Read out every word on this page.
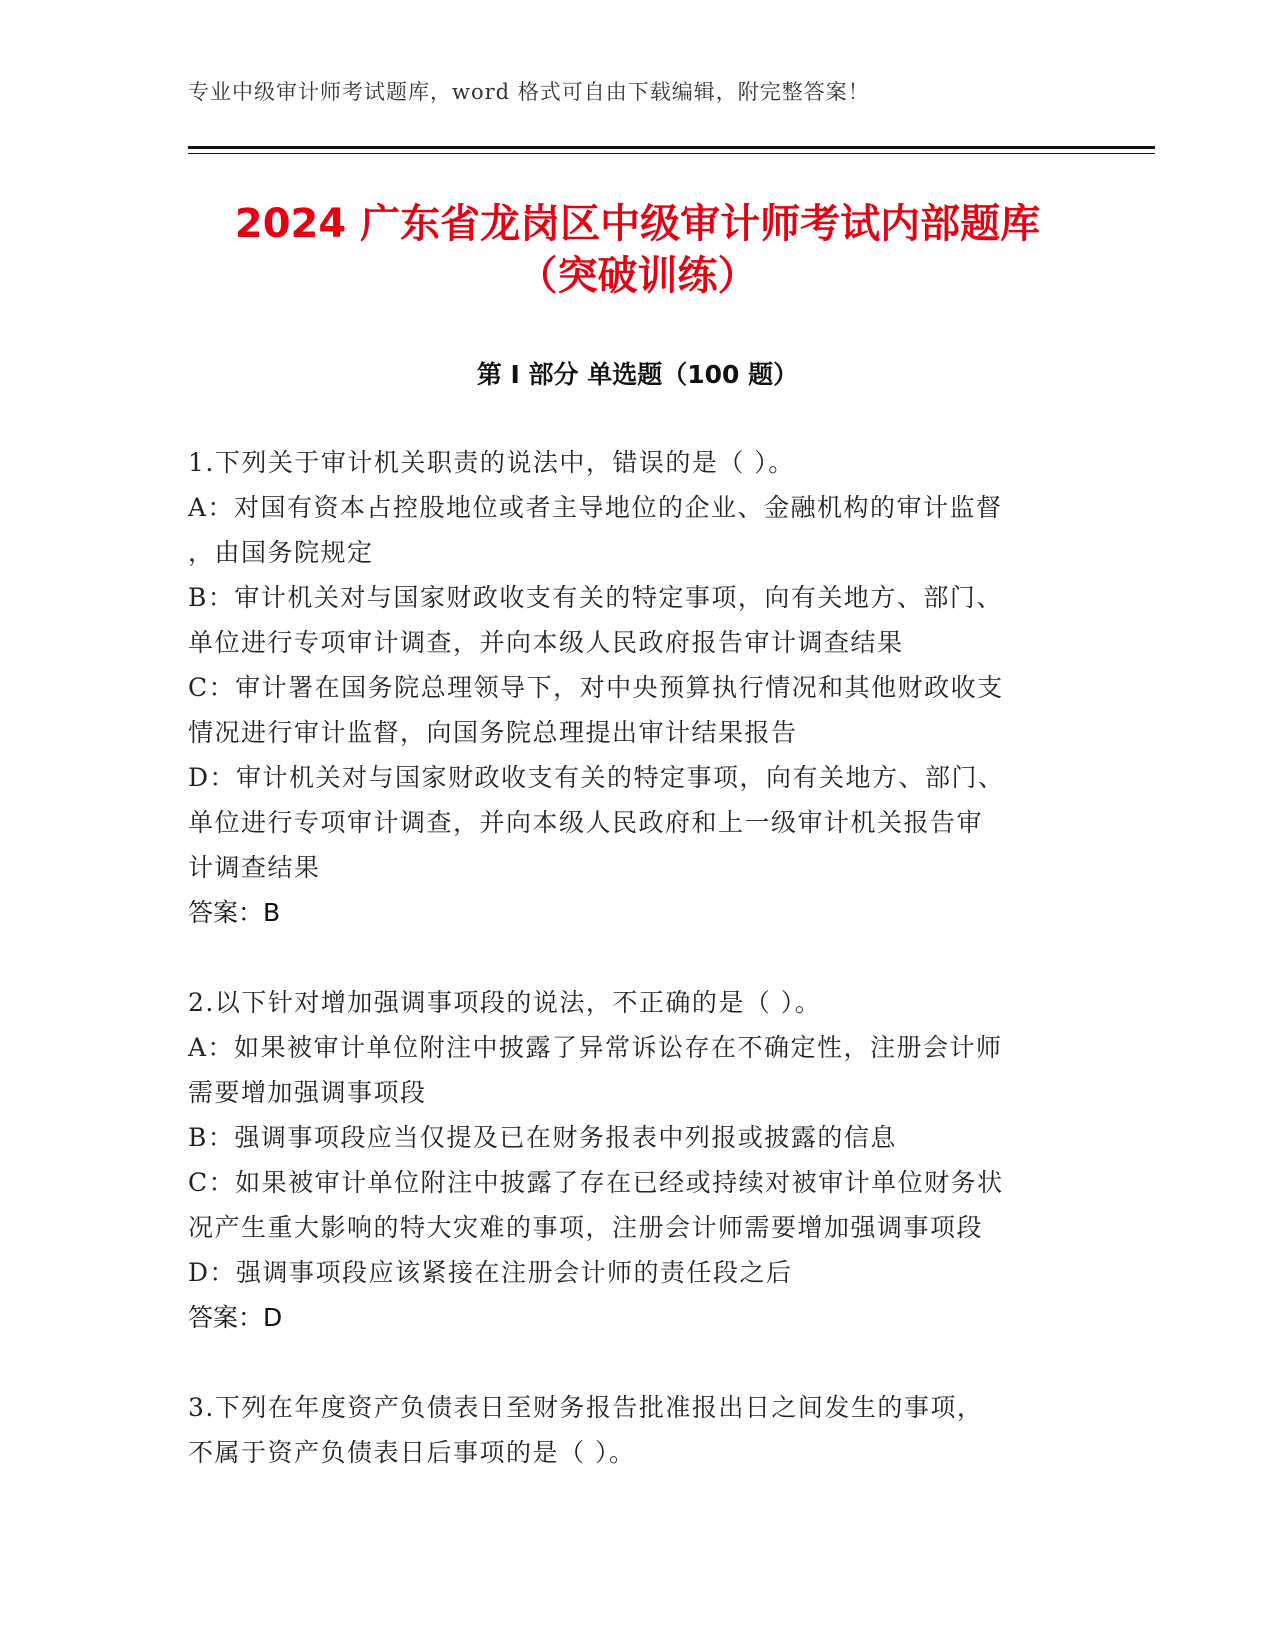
专业中级审计师考试题库，word 格式可自由下载编辑，附完整答案！
2024 广东省龙岗区中级审计师考试内部题库
（突破训练）
第 I 部分 单选题（100 题）
1.下列关于审计机关职责的说法中，错误的是（ ）。
A：对国有资本占控股地位或者主导地位的企业、金融机构的审计监督
，由国务院规定
B：审计机关对与国家财政收支有关的特定事项，向有关地方、部门、
单位进行专项审计调查，并向本级人民政府报告审计调查结果
C：审计署在国务院总理领导下，对中央预算执行情况和其他财政收支
情况进行审计监督，向国务院总理提出审计结果报告
D：审计机关对与国家财政收支有关的特定事项，向有关地方、部门、
单位进行专项审计调查，并向本级人民政府和上一级审计机关报告审
计调查结果
答案：B
2.以下针对增加强调事项段的说法，不正确的是（ ）。
A：如果被审计单位附注中披露了异常诉讼存在不确定性，注册会计师
需要增加强调事项段
B：强调事项段应当仅提及已在财务报表中列报或披露的信息
C：如果被审计单位附注中披露了存在已经或持续对被审计单位财务状
况产生重大影响的特大灾难的事项，注册会计师需要增加强调事项段
D：强调事项段应该紧接在注册会计师的责任段之后
答案：D
3.下列在年度资产负债表日至财务报告批准报出日之间发生的事项，
不属于资产负债表日后事项的是（ ）。
